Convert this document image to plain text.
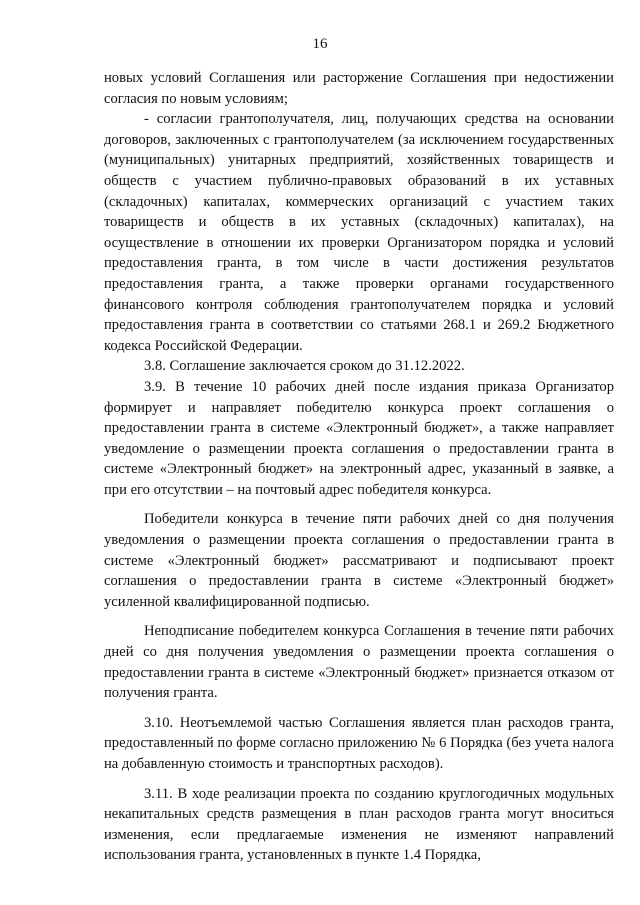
16

новых условий Соглашения или расторжение Соглашения при недостижении согласия по новым условиям;

- согласии грантополучателя, лиц, получающих средства на основании договоров, заключенных с грантополучателем (за исключением государственных (муниципальных) унитарных предприятий, хозяйственных товариществ и обществ с участием публично-правовых образований в их уставных (складочных) капиталах, коммерческих организаций с участием таких товариществ и обществ в их уставных (складочных) капиталах), на осуществление в отношении их проверки Организатором порядка и условий предоставления гранта, в том числе в части достижения результатов предоставления гранта, а также проверки органами государственного финансового контроля соблюдения грантополучателем порядка и условий предоставления гранта в соответствии со статьями 268.1 и 269.2 Бюджетного кодекса Российской Федерации.

3.8. Соглашение заключается сроком до 31.12.2022.

3.9. В течение 10 рабочих дней после издания приказа Организатор формирует и направляет победителю конкурса проект соглашения о предоставлении гранта в системе «Электронный бюджет», а также направляет уведомление о размещении проекта соглашения о предоставлении гранта в системе «Электронный бюджет» на электронный адрес, указанный в заявке, а при его отсутствии – на почтовый адрес победителя конкурса.

Победители конкурса в течение пяти рабочих дней со дня получения уведомления о размещении проекта соглашения о предоставлении гранта в системе «Электронный бюджет» рассматривают и подписывают проект соглашения о предоставлении гранта в системе «Электронный бюджет» усиленной квалифицированной подписью.

Неподписание победителем конкурса Соглашения в течение пяти рабочих дней со дня получения уведомления о размещении проекта соглашения о предоставлении гранта в системе «Электронный бюджет» признается отказом от получения гранта.

3.10. Неотъемлемой частью Соглашения является план расходов гранта, предоставленный по форме согласно приложению № 6 Порядка (без учета налога на добавленную стоимость и транспортных расходов).

3.11. В ходе реализации проекта по созданию круглогодичных модульных некапитальных средств размещения в план расходов гранта могут вноситься изменения, если предлагаемые изменения не изменяют направлений использования гранта, установленных в пункте 1.4 Порядка,
